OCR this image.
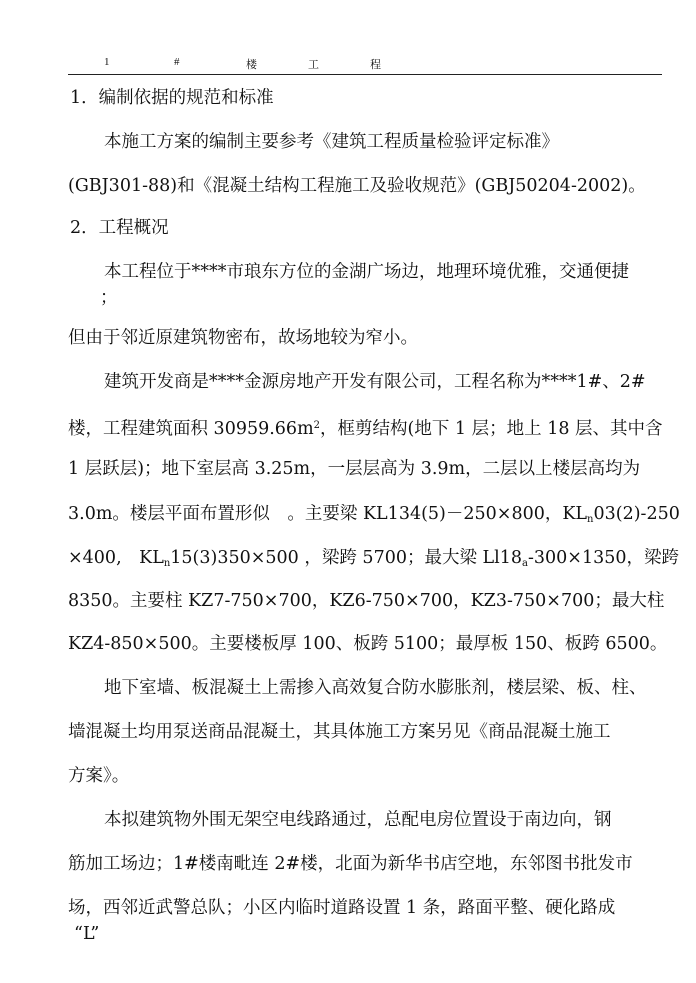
1	#	楼	工	程
1．编制依据的规范和标准
本施工方案的编制主要参考《建筑工程质量检验评定标准》
(GBJ301-88)和《混凝土结构工程施工及验收规范》(GBJ50204-2002)。
2．工程概况
本工程位于****市琅东方位的金湖广场边，地理环境优雅，交通便捷
；
但由于邻近原建筑物密布，故场地较为窄小。
建筑开发商是****金源房地产开发有限公司，工程名称为****1#、2#
楼，工程建筑面积 $30959.66m^2$，框剪结构(地下 1 层；地上 18 层、其中含
1 层跃层)；地下室层高 3.25m，一层层高为 3.9m，二层以上楼层高均为
3.0m。楼层平面布置形似　。主要梁 KL134(5)－250×800，$KL_n03(2)-250$
×400,　$KL_n15(3)350\times 500$ ，梁跨 5700；最大梁 $Ll18_a-300\times 1350$，梁跨
8350。主要柱 KZ7-750×700，KZ6-750×700，KZ3-750×700；最大柱
KZ4-850×500。主要楼板厚 100、板跨 5100；最厚板 150、板跨 6500。
地下室墙、板混凝土上需掺入高效复合防水膨胀剂，楼层梁、板、柱、
墙混凝土均用泵送商品混凝土，其具体施工方案另见《商品混凝土施工
方案》。
本拟建筑物外围无架空电线路通过，总配电房位置设于南边向，钢
筋加工场边；1#楼南毗连 2#楼，北面为新华书店空地，东邻图书批发市
场，西邻近武警总队；小区内临时道路设置 1 条，路面平整、硬化路成
“L”
